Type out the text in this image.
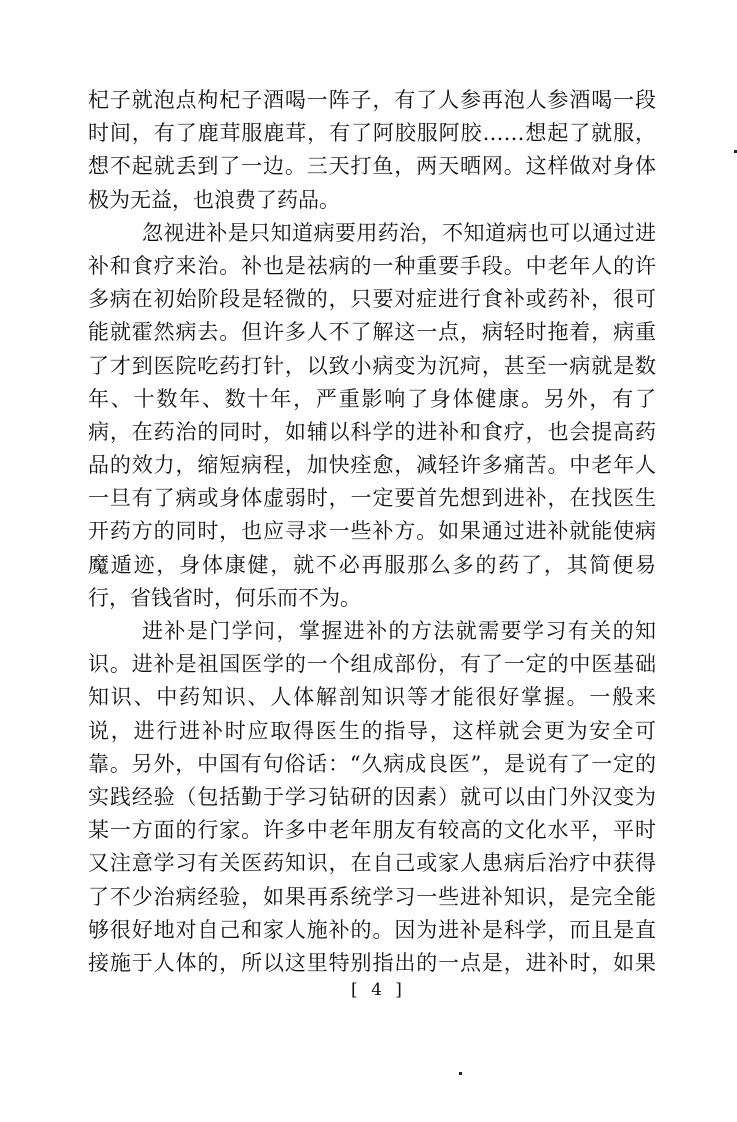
杞子就泡点枸杞子酒喝一阵子，有了人参再泡人参酒喝一段
时间，有了鹿茸服鹿茸，有了阿胶服阿胶……想起了就服，
想不起就丢到了一边。三天打鱼，两天晒网。这样做对身体
极为无益，也浪费了药品。
忽视进补是只知道病要用药治，不知道病也可以通过进
补和食疗来治。补也是祛病的一种重要手段。中老年人的许
多病在初始阶段是轻微的，只要对症进行食补或药补，很可
能就霍然病去。但许多人不了解这一点，病轻时拖着，病重
了才到医院吃药打针，以致小病变为沉疴，甚至一病就是数
年、十数年、数十年，严重影响了身体健康。另外，有了
病，在药治的同时，如辅以科学的进补和食疗，也会提高药
品的效力，缩短病程，加快痊愈，减轻许多痛苦。中老年人
一旦有了病或身体虚弱时，一定要首先想到进补，在找医生
开药方的同时，也应寻求一些补方。如果通过进补就能使病
魔遁迹，身体康健，就不必再服那么多的药了，其简便易
行，省钱省时，何乐而不为。
进补是门学问，掌握进补的方法就需要学习有关的知
识。进补是祖国医学的一个组成部份，有了一定的中医基础
知识、中药知识、人体解剖知识等才能很好掌握。一般来
说，进行进补时应取得医生的指导，这样就会更为安全可
靠。另外，中国有句俗话：“久病成良医”，是说有了一定的
实践经验（包括勤于学习钻研的因素）就可以由门外汉变为
某一方面的行家。许多中老年朋友有较高的文化水平，平时
又注意学习有关医药知识，在自己或家人患病后治疗中获得
了不少治病经验，如果再系统学习一些进补知识，是完全能
够很好地对自己和家人施补的。因为进补是科学，而且是直
接施于人体的，所以这里特别指出的一点是，进补时，如果
[ 4 ]
